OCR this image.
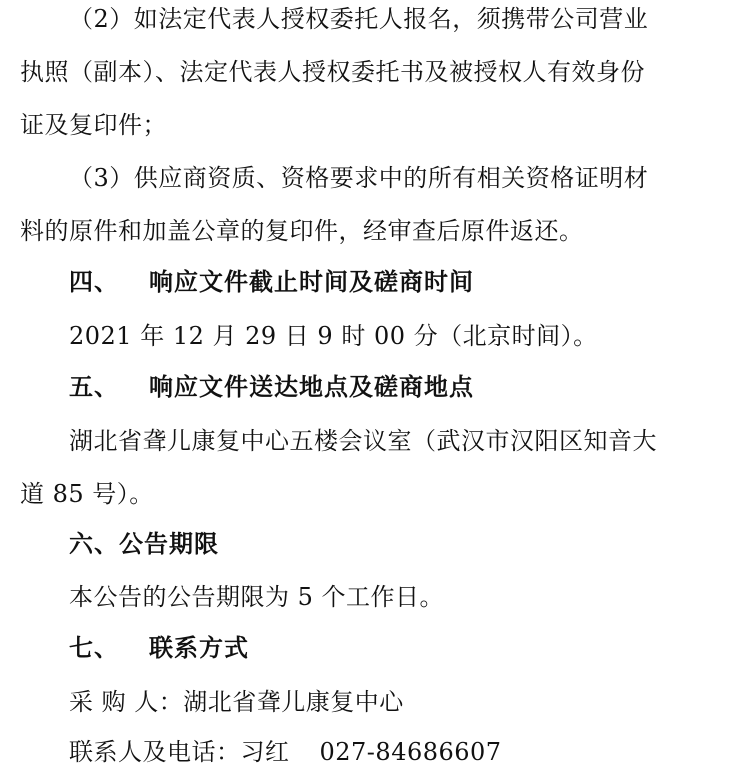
（2）如法定代表人授权委托人报名，须携带公司营业
执照（副本）、法定代表人授权委托书及被授权人有效身份
证及复印件；
（3）供应商资质、资格要求中的所有相关资格证明材
料的原件和加盖公章的复印件，经审查后原件返还。
四、 响应文件截止时间及磋商时间
2021 年 12 月 29 日 9 时 00 分（北京时间）。
五、 响应文件送达地点及磋商地点
湖北省聋儿康复中心五楼会议室（武汉市汉阳区知音大
道 85 号）。
六、公告期限
本公告的公告期限为 5 个工作日。
七、 联系方式
采 购 人：湖北省聋儿康复中心
联系人及电话：习红 027-84686607
